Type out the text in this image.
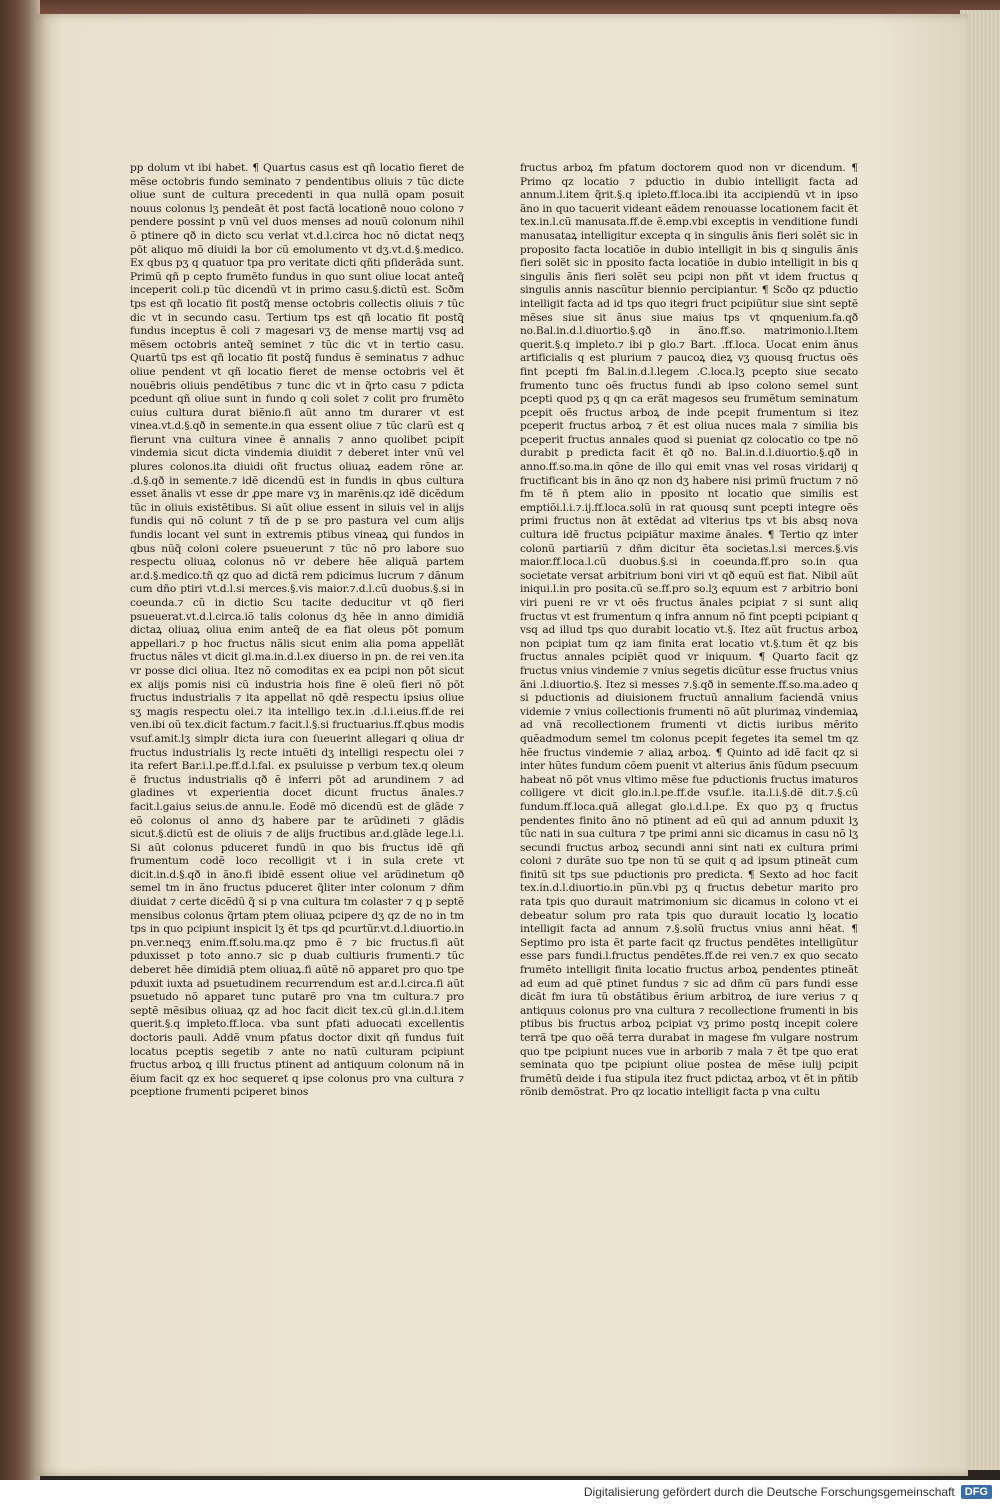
pp dolum vt ibi habet. ¶ Quartus casus est qñ locatio fieret de mẽse octobris fundo seminato ⁊ pendentibus oliuis ⁊ tũc dicte oliue sunt de cultura precedenti in qua nullã opam posuit nouus colonus lʒ pendeāt ēt post factã locationē nouo colono ⁊ pendere possint p vnũ vel duos menses ad nouũ colonum nihil õ ptinere qð in dicto scu verlat vt.d.l.circa hoc nõ dictat neqʒ pōt aliquo mõ diuidi la bor cũ emolumento vt dʒ.vt.d.§.medico. Ex qbus pʒ q quatuor tpa pro veritate dicti qñti pſiderãda sunt. Primũ qñ p cepto frumẽto fundus in quo sunt oliue locat anteq̃ inceperit coli.p tũc dicendũ vt in primo casu.§.dictũ est. Scðm tps est qñ locatio fit postq̃ mense octobris collectis oliuis ⁊ tũc dic vt in secundo casu. Tertium tps est qñ locatio fit postq̃ fundus inceptus ẽ coli ⁊ magesari vʒ de mense martij vsq ad mẽsem octobris anteq̃ seminet ⁊ tũc dic vt in tertio casu. Quartũ tps est qñ locatio fit postq̃ fundus ẽ seminatus ⁊ adhuc oliue pendent vt qñ locatio fieret de mense octobris vel ēt nouẽbris oliuis pendẽtibus ⁊ tunc dic vt in q̃rto casu ⁊ pdicta pcedunt qñ oliue sunt in fundo q coli solet ⁊ colit pro frumẽto cuius cultura durat biẽnio.fi aũt anno tm durarer vt est vinea.vt.d.§.qð in semente.in qua essent oliue ⁊ tũc clarũ est q fierunt vna cultura vinee ẽ annalis ⁊ anno quolibet pcipit vindemia sicut dicta vindemia diuidit ⁊ deberet inter vnũ vel plures colonos.ita diuidi oñt fructus oliuaꝝ eadem rõne ar. .d.§.qð in semente.⁊ idẽ dicendũ est in fundis in qbus cultura esset ãnalis vt esse dr ꝓpe mare vʒ in marẽnis.qz idẽ dicẽdum tũc in oliuis existẽtibus. Si aũt oliue essent in siluis vel in alijs fundis qui nõ colunt ⁊ tñ de p se pro pastura vel cum alijs fundis locant vel sunt in extremis ptibus vineaꝝ qui fundos in qbus nũq̃ coloni colere psueuerunt ⁊ tũc nõ pro labore suo respectu oliuaꝝ colonus nõ vr debere hẽe aliquã partem ar.d.§.medico.tñ qz quo ad dictã rem pdicimus lucrum ⁊ dãnum cum dño ptiri vt.d.l.si merces.§.vis maior.⁊.d.l.cũ duobus.§.si in coeunda.⁊ cũ in dictio Scu tacite deducitur vt qð fieri psueuerat.vt.d.l.circa.iõ talis colonus dʒ hẽe in anno dimidiã dictaꝝ oliuaꝝ oliua enim anteq̃ de ea fiat oleus pōt pomum appellari.⁊ p hoc fructus nãlis sicut enim alia poma appellãt fructus nãles vt dicit gl.ma.in.d.l.ex diuerso in pn. de rei ven.ita vr posse dici oliua. Itez nõ comoditas ex ea pcipi non pōt sicut ex alijs pomis nisi cũ industria hois fine ẽ oleũ fieri nõ pōt fructus industrialis ⁊ ita appellat nõ qdẽ respectu ipsius oliue sʒ magis respectu olei.⁊ ita intelligo tex.in .d.l.i.eius.ff.de rei ven.ibi oũ tex.dicit factum.⁊ facit.l.§.si fructuarius.ff.qbus modis vsuf.amit.lʒ simplr dicta iura con ſueuerint allegari q oliua dr fructus industrialis lʒ recte intuẽti dʒ intelligi respectu olei ⁊ ita refert Bar.i.l.pe.ff.d.l.fal. ex psuluisse p verbum tex.q oleum ẽ fructus industrialis qð ẽ inferri pōt ad arundinem ⁊ ad gladines vt experientia docet dicunt fructus ãnales.⁊ facit.l.gaius seius.de annu.le. Eodẽ mõ dicendũ est de glãde ⁊ eõ colonus ol anno dʒ habere par te arũdineti ⁊ glãdis sicut.§.dictũ est de oliuis ⁊ de alijs fructibus ar.d.glãde lege.l.i. Si aũt colonus pduceret fundũ in quo bis fructus idẽ qñ frumentum codẽ loco recolligit vt i in sula crete vt dicit.in.d.§.qð in ãno.fi ibidẽ essent oliue vel arũdinetum qð semel tm in ãno fructus pduceret q̃liter inter colonum ⁊ dñm diuidat ⁊ certe dicẽdũ q̃ si p vna cultura tm colaster ⁊ q p septẽ mensibus colonus q̃rtam ptem oliuaꝝ pcipere dʒ qz de no in tm tps in quo pcipiunt inspicit lʒ ẽt tps qd pcurtũr.vt.d.l.diuortio.in pn.ver.neqʒ enim.ff.solu.ma.qz pmo ẽ ⁊ bic fructus.fi aũt pduxisset p toto anno.⁊ sic p duab cultiuris frumenti.⁊ tũc deberet hẽe dimidiã ptem oliuaꝝ.fi aũtẽ nõ apparet pro quo tpe pduxit iuxta ad psuetudinem recurrendum est ar.d.l.circa.fi aũt psuetudo nõ apparet tunc putarẽ pro vna tm cultura.⁊ pro septẽ mẽsibus oliuaꝝ qz ad hoc facit dicit tex.cũ gl.in.d.l.item querit.§.q impleto.ff.loca. vba sunt pfati aduocati excellentis doctoris pauli. Addẽ vnum pfatus doctor dixit qñ fundus fuit locatus pceptis segetib ⁊ ante no natũ culturam pcipiunt fructus arboꝝ q illi fructus ptinent ad antiquum colonum nã in ẽium facit qz ex hoc sequeret q ipse colonus pro vna cultura ⁊ pceptione frumenti pciperet binos
fructus arboꝝ fm pfatum doctorem quod non vr dicendum. ¶ Primo qz locatio ⁊ pductio in dubio intelligit facta ad annum.l.item q̃rit.§.q ipleto.ff.loca.ibi ita accipiendũ vt in ipso ãno in quo tacuerit videant eãdem renouasse locationem facit ẽt tex.in.l.cũ manusata.ff.de ẽ.emp.vbi exceptis in venditione fundi manusataꝝ intelligitur excepta q in singulis ãnis fieri solẽt sic in proposito facta locatiõe in dubio intelligit in bis q singulis ãnis fieri solẽt sic in pposito facta locatiõe in dubio intelligit in bis q singulis ãnis fieri solẽt seu pcipi non pñt vt idem fructus q singulis annis nascũtur biennio percipiantur. ¶ Scðo qz pductio intelligit facta ad id tps quo itegri fruct pcipiũtur siue sint septẽ mẽses siue sit ãnus siue maius tps vt qnquenium.fa.qð no.Bal.in.d.l.diuortio.§.qð in ãno.ff.so. matrimonio.l.Item querit.§.q impleto.⁊ ibi p glo.⁊ Bart. .ff.loca. Uocat enim ãnus artificialis q est plurium ⁊ paucoꝝ dieꝝ vʒ quousq fructus oẽs fint pcepti fm Bal.in.d.l.legem .C.loca.lʒ pcepto siue secato frumento tunc oẽs fructus fundi ab ipso colono semel sunt pcepti quod pʒ q qn ca erãt magesos seu frumẽtum seminatum pcepit oẽs fructus arboꝝ de inde pcepit frumentum si itez pceperit fructus arboꝝ ⁊ ẽt est oliua nuces mala ⁊ similia bis pceperit fructus annales quod si pueniat qz colocatio co tpe nõ durabit p predicta facit ẽt qð no. Bal.in.d.l.diuortio.§.qð in anno.ff.so.ma.in qõne de illo qui emit vnas vel rosas viridarij q fructificant bis in ãno qz non dʒ habere nisi primũ fructum ⁊ nõ fm tẽ ñ ptem alio in pposito nt locatio que similis est emptiõi.l.i.⁊.ij.ff.loca.solũ in rat quousq sunt pcepti integre oẽs primi fructus non ãt extẽdat ad vlterius tps vt bis absq nova cultura idẽ fructus pcipiãtur maxime ãnales. ¶ Tertio qz inter colonũ partiariũ ⁊ dñm dicitur ẽta societas.l.si merces.§.vis maior.ff.loca.l.cũ duobus.§.si in coeunda.ff.pro so.in qua societate versat arbitrium boni viri vt qð equũ est fiat. Nibil aũt iniqui.l.in pro posita.cũ se.ff.pro so.lʒ equum est ⁊ arbitrio boni viri pueni re vr vt oẽs fructus ãnales pcipiat ⁊ si sunt aliq fructus vt est frumentum q infra annum nõ fint pcepti pcipiant q vsq ad illud tps quo durabit locatio vt.§. Itez aũt fructus arboꝝ non pcipiat tum qz iam finita erat locatio vt.§.tum ẽt qz bis fructus annales pcipiẽt quod vr iniquum. ¶ Quarto facit qz fructus vnius vindemie ⁊ vnius segetis dicũtur esse fructus vnius ãni .l.diuortio.§. Itez si messes ⁊.§.qð in semente.ff.so.ma.adeo q si pductionis ad diuisionem fructuũ annalium faciendã vnius videmie ⁊ vnius collectionis frumenti nõ aũt plurimaꝝ vindemiaꝝ ad vnã recollectionem frumenti vt dictis iuribus mẽrito quẽadmodum semel tm colonus pcepit fegetes ita semel tm qz hẽe fructus vindemie ⁊ aliaꝝ arboꝝ. ¶ Quinto ad idẽ facit qz si inter hũtes fundum cõem puenit vt alterius ãnis fũdum psecuum habeat nõ pōt vnus vltimo mẽse fue pductionis fructus imaturos colligere vt dicit glo.in.l.pe.ff.de vsuf.le. ita.l.i.§.dẽ dit.⁊.§.cũ fundum.ff.loca.quã allegat glo.i.d.l.pe. Ex quo pʒ q fructus pendentes finito ãno nõ ptinent ad eũ qui ad annum pduxit lʒ tũc nati in sua cultura ⁊ tpe primi anni sic dicamus in casu nõ lʒ secundi fructus arboꝝ secundi anni sint nati ex cultura primi coloni ⁊ durãte suo tpe non tũ se quit q ad ipsum ptineãt cum finitũ sit tps sue pductionis pro predicta. ¶ Sexto ad hoc facit tex.in.d.l.diuortio.in pũn.vbi pʒ q fructus debetur marito pro rata tpis quo durauit matrimonium sic dicamus in colono vt ei debeatur solum pro rata tpis quo durauit locatio lʒ locatio intelligit facta ad annum ⁊.§.solũ fructus vnius anni hẽat. ¶ Septimo pro ista ẽt parte facit qz fructus pendẽtes intelligũtur esse pars fundi.l.fructus pendẽtes.ff.de rei ven.⁊ ex quo secato frumẽto intelligit finita locatio fructus arboꝝ pendentes ptineãt ad eum ad quẽ ptinet fundus ⁊ sic ad dñm cũ pars fundi esse dicãt fm iura tũ obstãtibus ẽrium arbitroꝝ de iure verius ⁊ q antiquus colonus pro vna cultura ⁊ recollectione frumenti in bis ptibus bis fructus arboꝝ pcipiat vʒ primo postq incepit colere terrã tpe quo oẽã terra durabat in magese fm vulgare nostrum quo tpe pcipiunt nuces vue in arborib ⁊ mala ⁊ ẽt tpe quo erat seminata quo tpe pcipiunt oliue postea de mẽse iulij pcipit frumẽtũ deide i fua stipula itez fruct pdictaꝝ arboꝝ vt ẽt in pñtib rõnib demõstrat. Pro qz locatio intelligit facta p vna cultu
Digitalisierung gefördert durch die Deutsche Forschungsgemeinschaft DFG
